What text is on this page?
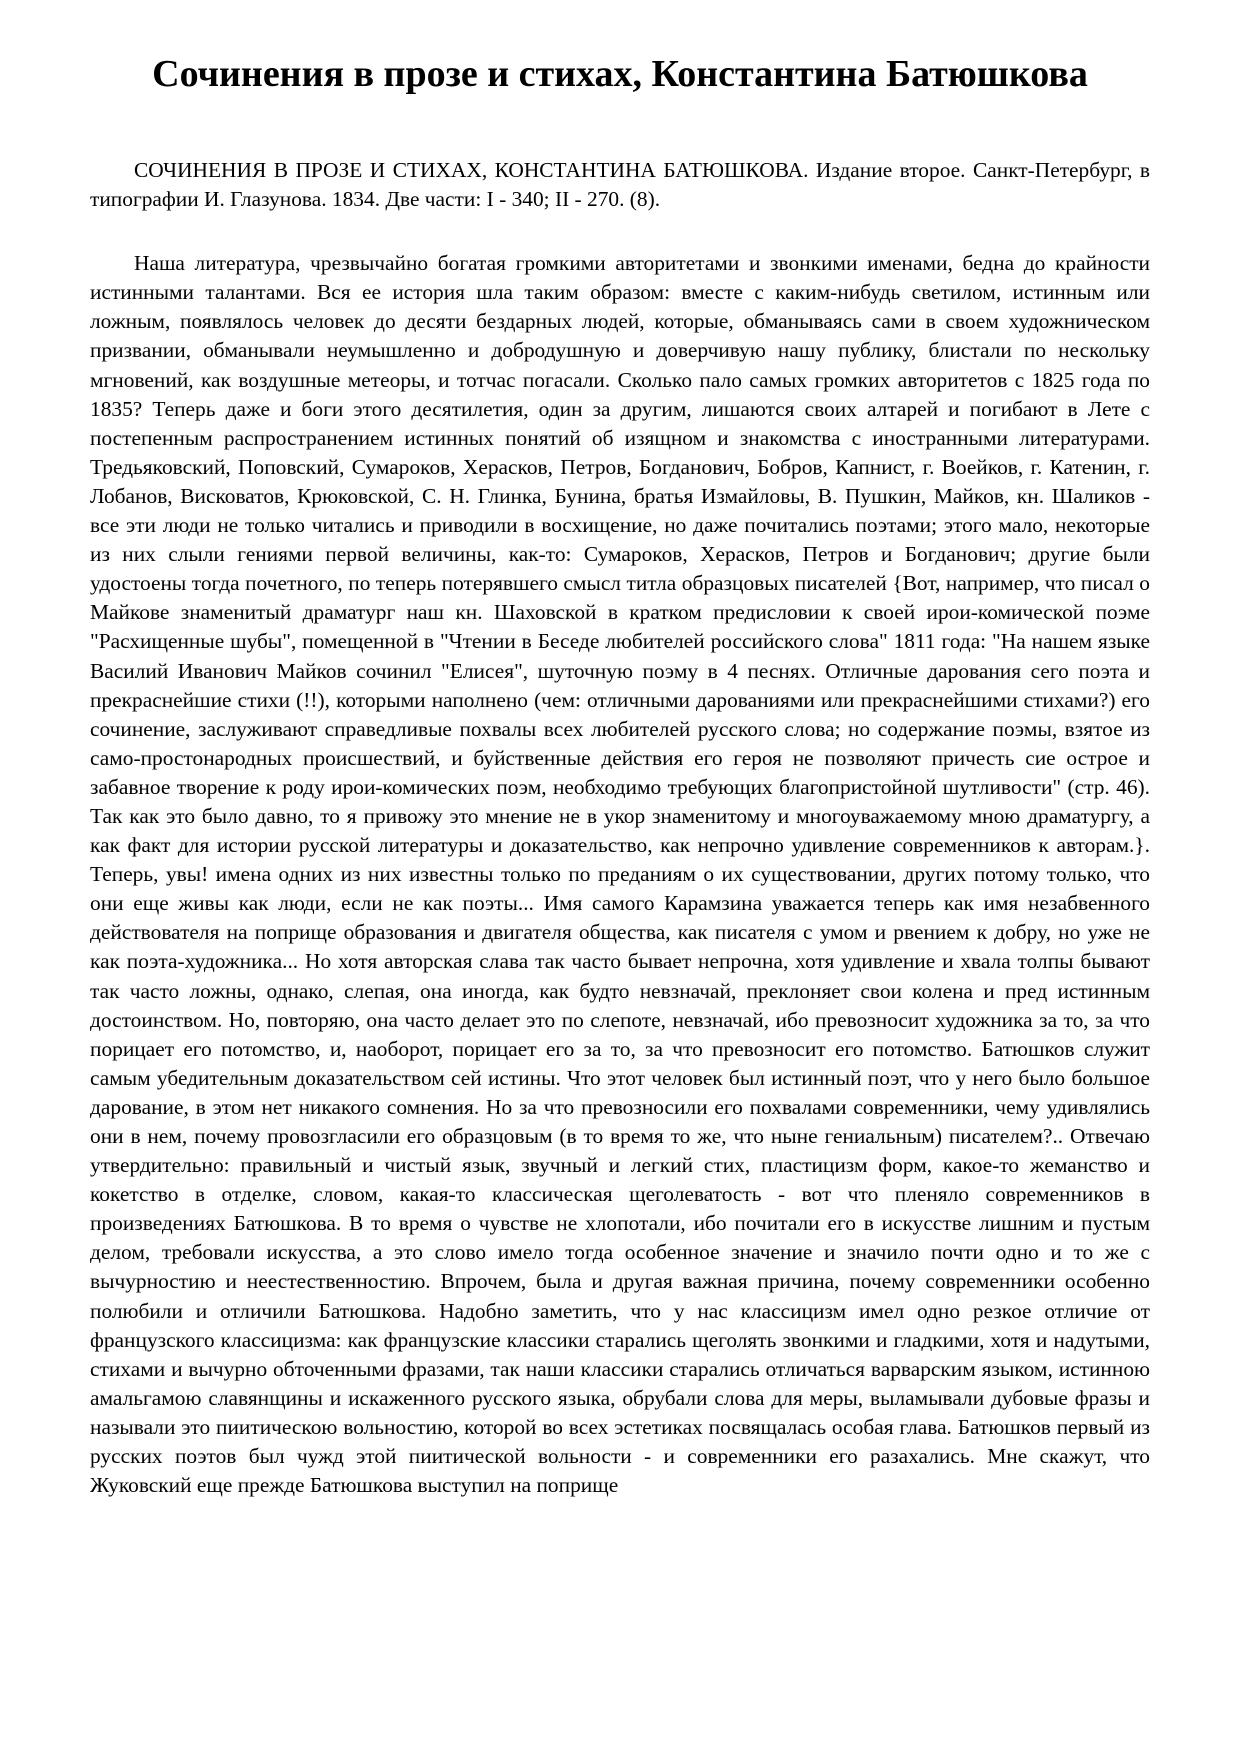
Сочинения в прозе и стихах, Константина Батюшкова

СОЧИНЕНИЯ В ПРОЗЕ И СТИХАХ, КОНСТАНТИНА БАТЮШКОВА. Издание второе. Санкт-Петербург, в типографии И. Глазунова. 1834. Две части: I - 340; II - 270. (8).

Наша литература, чрезвычайно богатая громкими авторитетами и звонкими именами, бедна до крайности истинными талантами. Вся ее история шла таким образом: вместе с каким-нибудь светилом, истинным или ложным, появлялось человек до десяти бездарных людей, которые, обманываясь сами в своем художническом призвании, обманывали неумышленно и добродушную и доверчивую нашу публику, блистали по нескольку мгновений, как воздушные метеоры, и тотчас погасали. Сколько пало самых громких авторитетов с 1825 года по 1835? Теперь даже и боги этого десятилетия, один за другим, лишаются своих алтарей и погибают в Лете с постепенным распространением истинных понятий об изящном и знакомства с иностранными литературами. Тредьяковский, Поповский, Сумароков, Херасков, Петров, Богданович, Бобров, Капнист, г. Воейков, г. Катенин, г. Лобанов, Висковатов, Крюковской, С. Н. Глинка, Бунина, братья Измайловы, В. Пушкин, Майков, кн. Шаликов - все эти люди не только читались и приводили в восхищение, но даже почитались поэтами; этого мало, некоторые из них слыли гениями первой величины, как-то: Сумароков, Херасков, Петров и Богданович; другие были удостоены тогда почетного, по теперь потерявшего смысл титла образцовых писателей {Вот, например, что писал о Майкове знаменитый драматург наш кн. Шаховской в кратком предисловии к своей ирои-комической поэме "Расхищенные шубы", помещенной в "Чтении в Беседе любителей российского слова" 1811 года: "На нашем языке Василий Иванович Майков сочинил "Елисея", шуточную поэму в 4 песнях. Отличные дарования сего поэта и прекраснейшие стихи (!!), которыми наполнено (чем: отличными дарованиями или прекраснейшими стихами?) его сочинение, заслуживают справедливые похвалы всех любителей русского слова; но содержание поэмы, взятое из само-простонародных происшествий, и буйственные действия его героя не позволяют причесть сие острое и забавное творение к роду ирои-комических поэм, необходимо требующих благопристойной шутливости" (стр. 46). Так как это было давно, то я привожу это мнение не в укор знаменитому и многоуважаемому мною драматургу, а как факт для истории русской литературы и доказательство, как непрочно удивление современников к авторам.}. Теперь, увы! имена одних из них известны только по преданиям о их существовании, других потому только, что они еще живы как люди, если не как поэты... Имя самого Карамзина уважается теперь как имя незабвенного действователя на поприще образования и двигателя общества, как писателя с умом и рвением к добру, но уже не как поэта-художника... Но хотя авторская слава так часто бывает непрочна, хотя удивление и хвала толпы бывают так часто ложны, однако, слепая, она иногда, как будто невзначай, преклоняет свои колена и пред истинным достоинством. Но, повторяю, она часто делает это по слепоте, невзначай, ибо превозносит художника за то, за что порицает его потомство, и, наоборот, порицает его за то, за что превозносит его потомство. Батюшков служит самым убедительным доказательством сей истины. Что этот человек был истинный поэт, что у него было большое дарование, в этом нет никакого сомнения. Но за что превозносили его похвалами современники, чему удивлялись они в нем, почему провозгласили его образцовым (в то время то же, что ныне гениальным) писателем?.. Отвечаю утвердительно: правильный и чистый язык, звучный и легкий стих, пластицизм форм, какое-то жеманство и кокетство в отделке, словом, какая-то классическая щеголеватость - вот что пленяло современников в произведениях Батюшкова. В то время о чувстве не хлопотали, ибо почитали его в искусстве лишним и пустым делом, требовали искусства, а это слово имело тогда особенное значение и значило почти одно и то же с вычурностию и неестественностию. Впрочем, была и другая важная причина, почему современники особенно полюбили и отличили Батюшкова. Надобно заметить, что у нас классицизм имел одно резкое отличие от французского классицизма: как французские классики старались щеголять звонкими и гладкими, хотя и надутыми, стихами и вычурно обточенными фразами, так наши классики старались отличаться варварским языком, истинною амальгамою славянщины и искаженного русского языка, обрубали слова для меры, выламывали дубовые фразы и называли это пиитическою вольностию, которой во всех эстетиках посвящалась особая глава. Батюшков первый из русских поэтов был чужд этой пиитической вольности - и современники его разахались. Мне скажут, что Жуковский еще прежде Батюшкова выступил на поприще
